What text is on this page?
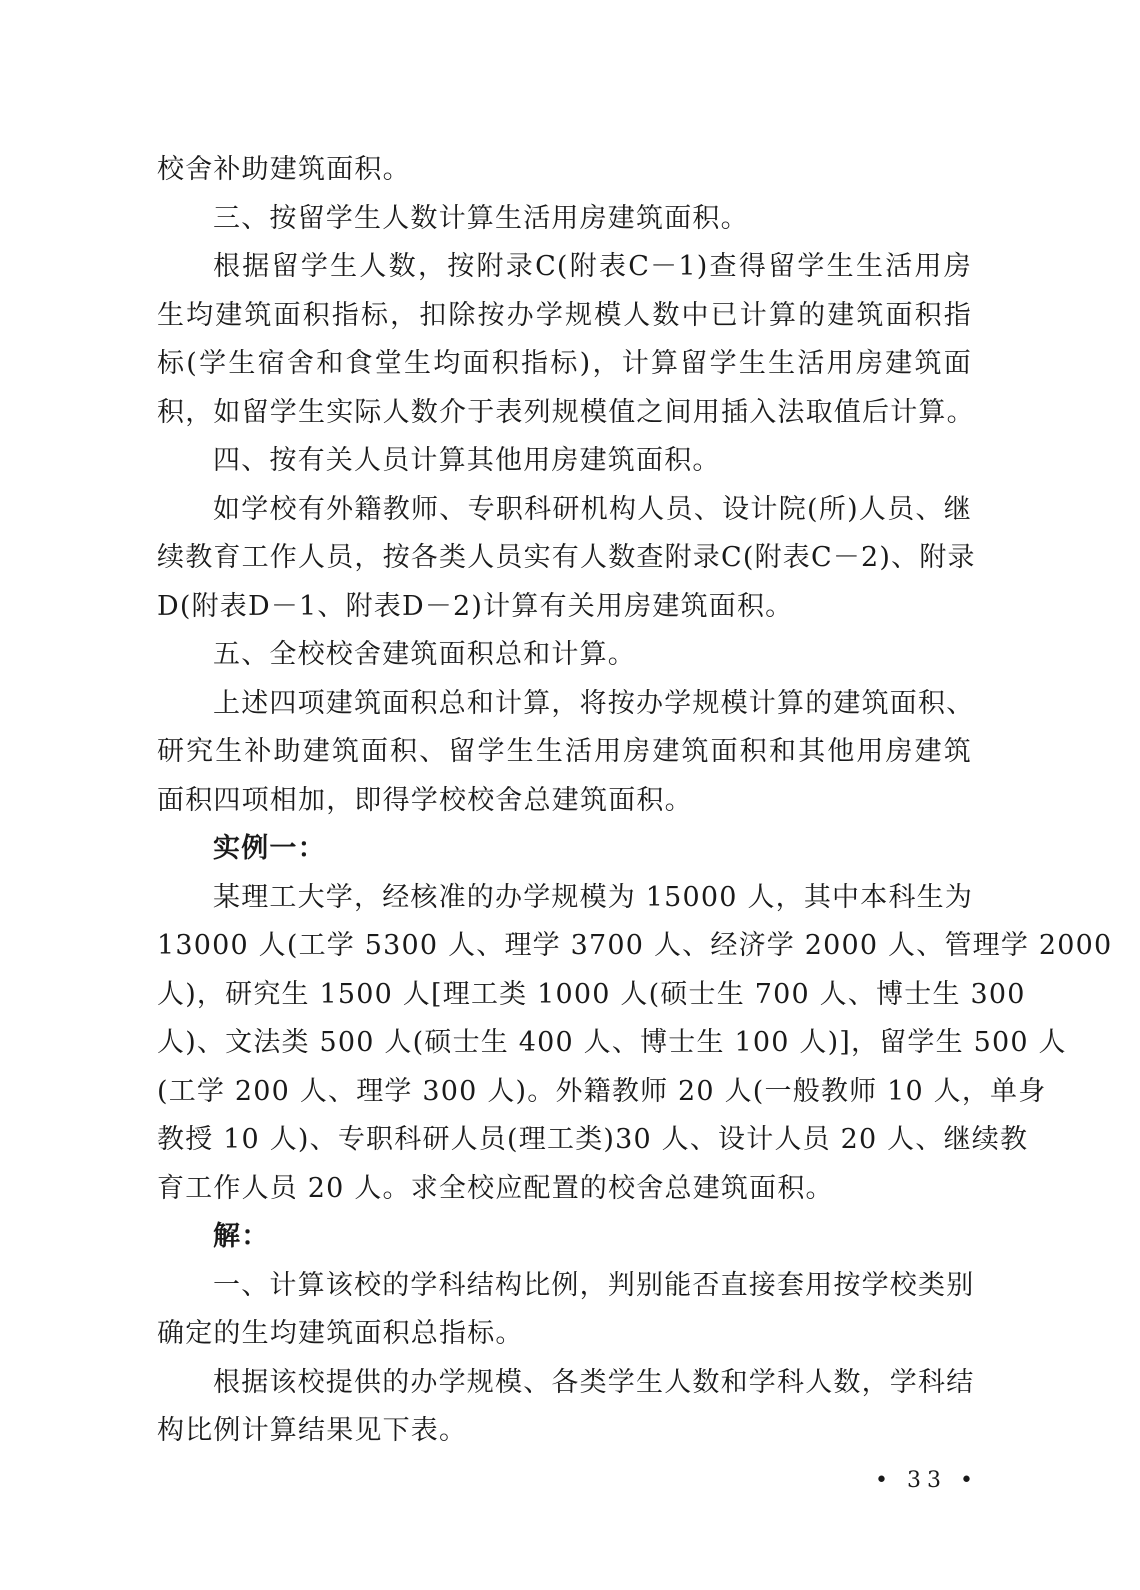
校舍补助建筑面积。
三、按留学生人数计算生活用房建筑面积。
根据留学生人数，按附录C(附表C－1)查得留学生生活用房
生均建筑面积指标，扣除按办学规模人数中已计算的建筑面积指
标(学生宿舍和食堂生均面积指标)，计算留学生生活用房建筑面
积，如留学生实际人数介于表列规模值之间用插入法取值后计算。
四、按有关人员计算其他用房建筑面积。
如学校有外籍教师、专职科研机构人员、设计院(所)人员、继
续教育工作人员，按各类人员实有人数查附录C(附表C－2)、附录
D(附表D－1、附表D－2)计算有关用房建筑面积。
五、全校校舍建筑面积总和计算。
上述四项建筑面积总和计算，将按办学规模计算的建筑面积、
研究生补助建筑面积、留学生生活用房建筑面积和其他用房建筑
面积四项相加，即得学校校舍总建筑面积。
实例一：
某理工大学，经核准的办学规模为 15000 人，其中本科生为
13000 人(工学 5300 人、理学 3700 人、经济学 2000 人、管理学 2000
人)，研究生 1500 人[理工类 1000 人(硕士生 700 人、博士生 300
人)、文法类 500 人(硕士生 400 人、博士生 100 人)]，留学生 500 人
(工学 200 人、理学 300 人)。外籍教师 20 人(一般教师 10 人，单身
教授 10 人)、专职科研人员(理工类)30 人、设计人员 20 人、继续教
育工作人员 20 人。求全校应配置的校舍总建筑面积。
解：
一、计算该校的学科结构比例，判别能否直接套用按学校类别
确定的生均建筑面积总指标。
根据该校提供的办学规模、各类学生人数和学科人数，学科结
构比例计算结果见下表。
• 33 •
